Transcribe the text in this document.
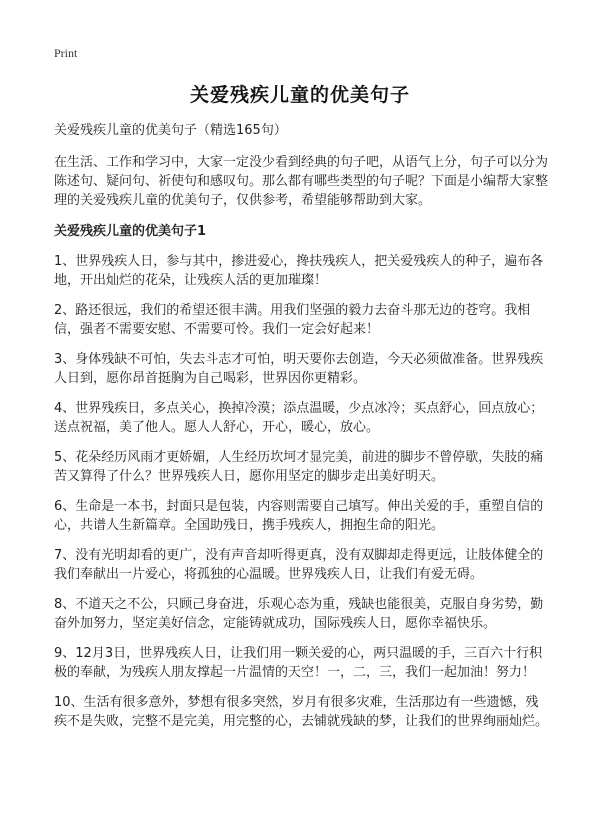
Print
关爱残疾儿童的优美句子
关爱残疾儿童的优美句子（精选165句）
在生活、工作和学习中，大家一定没少看到经典的句子吧，从语气上分，句子可以分为陈述句、疑问句、祈使句和感叹句。那么都有哪些类型的句子呢？下面是小编帮大家整理的关爱残疾儿童的优美句子，仅供参考，希望能够帮助到大家。
关爱残疾儿童的优美句子1
1、世界残疾人日，参与其中，掺进爱心，搀扶残疾人，把关爱残疾人的种子，遍布各地，开出灿烂的花朵，让残疾人活的更加璀璨！
2、路还很远，我们的希望还很丰满。用我们坚强的毅力去奋斗那无边的苍穹。我相信，强者不需要安慰、不需要可怜。我们一定会好起来！
3、身体残缺不可怕，失去斗志才可怕，明天要你去创造，今天必须做准备。世界残疾人日到，愿你昂首挺胸为自己喝彩，世界因你更精彩。
4、世界残疾日，多点关心，换掉冷漠；添点温暖，少点冰冷；买点舒心，回点放心；送点祝福，美了他人。愿人人舒心，开心，暖心，放心。
5、花朵经历风雨才更娇媚，人生经历坎坷才显完美，前进的脚步不曾停歇，失肢的痛苦又算得了什么？世界残疾人日，愿你用坚定的脚步走出美好明天。
6、生命是一本书，封面只是包装，内容则需要自己填写。伸出关爱的手，重塑自信的心，共谱人生新篇章。全国助残日，携手残疾人，拥抱生命的阳光。
7、没有光明却看的更广，没有声音却听得更真，没有双脚却走得更远，让肢体健全的我们奉献出一片爱心，将孤独的心温暖。世界残疾人日，让我们有爱无碍。
8、不道天之不公，只顾己身奋进，乐观心态为重，残缺也能很美，克服自身劣势，勤奋外加努力，坚定美好信念，定能铸就成功，国际残疾人日，愿你幸福快乐。
9、12月3日，世界残疾人日，让我们用一颗关爱的心，两只温暖的手，三百六十行积极的奉献，为残疾人朋友撑起一片温情的天空！一，二，三，我们一起加油！努力！
10、生活有很多意外，梦想有很多突然，岁月有很多灾难，生活那边有一些遗憾，残疾不是失败，完整不是完美，用完整的心，去铺就残缺的梦，让我们的世界绚丽灿烂。
